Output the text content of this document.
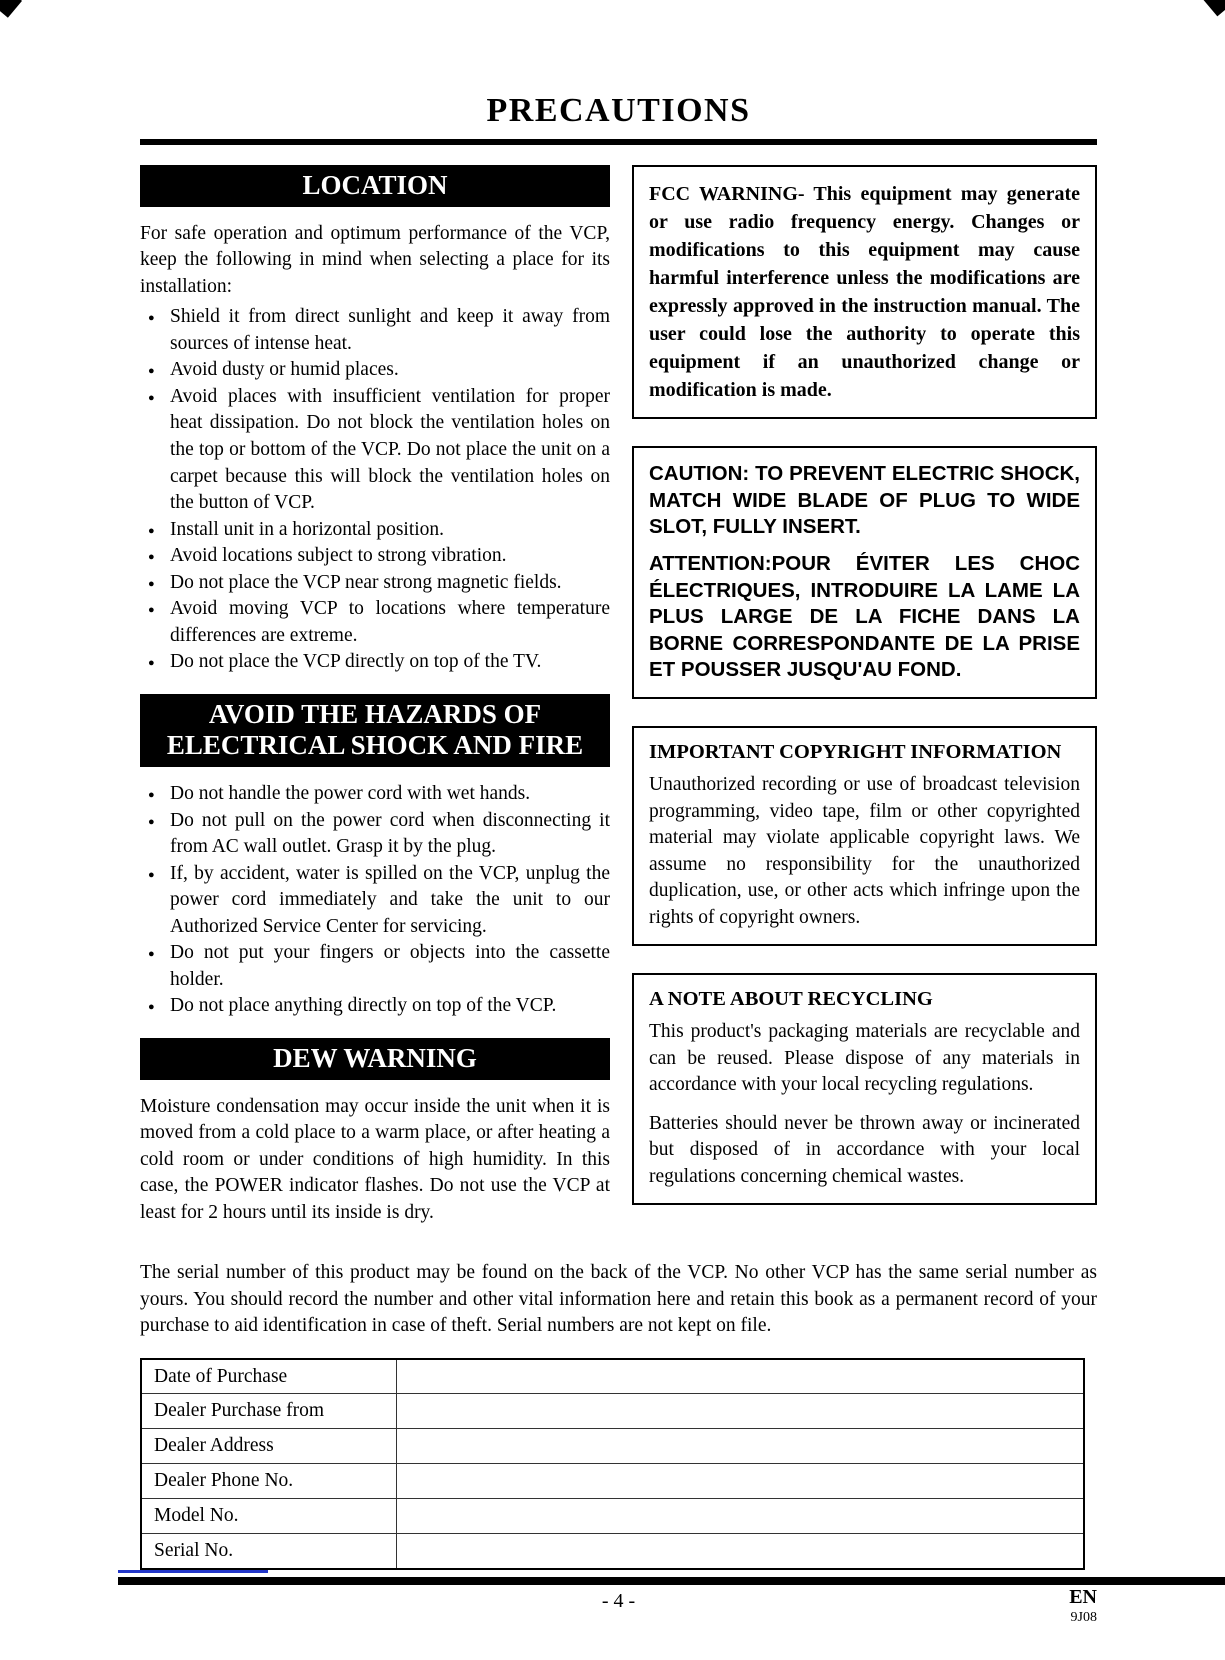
PRECAUTIONS
LOCATION

For safe operation and optimum performance of the VCP, keep the following in mind when selecting a place for its installation:

● Shield it from direct sunlight and keep it away from sources of intense heat.
● Avoid dusty or humid places.
● Avoid places with insufficient ventilation for proper heat dissipation. Do not block the ventilation holes on the top or bottom of the VCP. Do not place the unit on a carpet because this will block the ventilation holes on the button of VCP.
● Install unit in a horizontal position.
● Avoid locations subject to strong vibration.
● Do not place the VCP near strong magnetic fields.
● Avoid moving VCP to locations where temperature differences are extreme.
● Do not place the VCP directly on top of the TV.
AVOID THE HAZARDS OF
ELECTRICAL SHOCK AND FIRE
● Do not handle the power cord with wet hands.
● Do not pull on the power cord when disconnecting it from AC wall outlet. Grasp it by the plug.
● If, by accident, water is spilled on the VCP, unplug the power cord immediately and take the unit to our Authorized Service Center for servicing.
● Do not put your fingers or objects into the cassette holder.
● Do not place anything directly on top of the VCP.
DEW WARNING

Moisture condensation may occur inside the unit when it is moved from a cold place to a warm place, or after heating a cold room or under conditions of high humidity. In this case, the POWER indicator flashes. Do not use the VCP at least for 2 hours until its inside is dry.

FCC WARNING- This equipment may generate or use radio frequency energy. Changes or modifications to this equipment may cause harmful interference unless the modifications are expressly approved in the instruction manual. The user could lose the authority to operate this equipment if an unauthorized change or modification is made.

CAUTION: TO PREVENT ELECTRIC SHOCK, MATCH WIDE BLADE OF PLUG TO WIDE SLOT, FULLY INSERT.

ATTENTION:POUR ÉVITER LES CHOC ÉLECTRIQUES, INTRODUIRE LA LAME LA PLUS LARGE DE LA FICHE DANS LA BORNE CORRESPONDANTE DE LA PRISE ET POUSSER JUSQU'AU FOND.

IMPORTANT COPYRIGHT INFORMATION

Unauthorized recording or use of broadcast television programming, video tape, film or other copyrighted material may violate applicable copyright laws. We assume no responsibility for the unauthorized duplication, use, or other acts which infringe upon the rights of copyright owners.

A NOTE ABOUT RECYCLING

This product's packaging materials are recyclable and can be reused. Please dispose of any materials in accordance with your local recycling regulations.

Batteries should never be thrown away or incinerated but disposed of in accordance with your local regulations concerning chemical wastes.

The serial number of this product may be found on the back of the VCP. No other VCP has the same serial number as yours. You should record the number and other vital information here and retain this book as a permanent record of your purchase to aid identification in case of theft. Serial numbers are not kept on file.

Date of Purchase	
Dealer Purchase from	
Dealer Address	
Dealer Phone No.	
Model No.	
Serial No.	
- 4 -	EN
9J08
